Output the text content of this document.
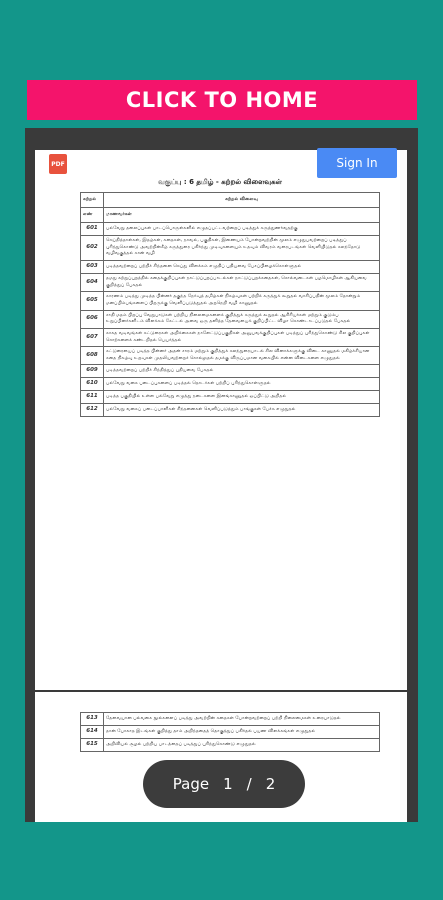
CLICK TO HOME
PDF	Sign In
வகுப்பு : 6 தமிழ் - கற்றல் விளைவுகள்
கற்றல்	கற்றல் விளைவு
எண்	மாணவர்கள்
601	பல்வேறு தலைப்புகள் பாடப்பொருள்களில் எழுதப்பட்டவற்றைப் படித்துக் கருத்துணர்வதற்கு
602	செய்தித்தாள்கள், இதழ்கள், கதைகள், நாவல், பகுதிகள், இணையம் போன்றவற்றின் மூலம் எழுதுபவற்றைப் படித்துப் புரிந்துகொண்டு அவற்றின்கீழ் கருத்துரை பகிர்ந்து முடிவுகளையும் உதவும் விவரம் வரைபடங்கள் வெளியிடுதல் கலந்தோடு வழிவகுத்தல் கான் வழி
603	படித்தவற்றைப் பற்றிச் சிந்தனை செய்து விளக்கம் எழுதிப் புதியவை பேசப்பிழைக்கொள்ளுதல்
604	தமது சுற்றுப்புறத்தில் கதைக்குறிப்புகள் நாட்டுப்புறப்பாடல்கள் நாட்டுப்புறக்கதைகள், சொல்வடைகள் பழமொழிகள் ஆகியவை குறித்துப் பேசுதல்
605	காரணம் படித்து முடித்த பின்னர் தகுந்த நேர்வுத் தமிழ்கள் நிகழ்வுகள் பற்றிக் கருத்துக் கூறுதல் வாசிப்பதின் மூலம் தோன்றும் மனப்பிம்பங்களைப் பிறருக்கு வெளிப்படுத்துதல் அறநெறி வழி காணுதல்
606	சாதி மதம் பிறப்பு வேறுபாடுகள் பற்றிய நிலைமைகளைக் குறித்துக் கருத்துக் கூறுதல் ஆசிரியர்கள் மற்றும் குடும்ப உறுப்பினர்களிடம் விளக்கம் கேட்டல் அவை ஒரு தனித்த தேவையைக் குறிப்பிட்ட விழா கொண்டாடப்படுதல் பேசுதல்
607	காகத வடிவங்கள் கட்டுரைகள் அறிக்கைகள் நாளேட்டுப்பகுதிகள் அனுபவக்குறிப்புகள் படித்துப் புரிந்துகொண்டு சில குறிப்புகள் சொற்களைக் கண்டறிதல் பெயர்த்தல்
608	கட்டுரையைப் படித்த பின்னர் அதன் சாரம் மற்றும் குறித்துக் கலந்துரையாடல் சில வினாக்களுக்கு விடை காணுதல் மகிழ்ச்சியான கதை நிகழ்வு உறவுகள் முதலியவற்றைச் சொல்லுதல் தமக்கு விருப்பமான வகையில் என்ன விடைகளை எழுதுதல்
609	படித்தவற்றைப் பற்றிச் சிந்தித்துப் புதியவை பேசுதல்
610	பல்வேறு வகை படைப்புகளைப் படித்தல் தொடர்கள் பற்றிப் புரிந்துகொள்ளுதல்
611	படித்த பகுதியில் உள்ள பல்வேறு எழுத்து நடைகளை இனங்காணுதல் ஒப்பிட்டு அறிதல்
612	பல்வேறு வகைப் படைப்பாளிகள் சிந்தனைகள் வெளிப்படுத்தும் பாங்குகள் பேச்சு எழுதுதல்
613	தேவையான பல்வகை நூல்களைப் படித்து அவற்றின் கதைகள் போன்றவற்றைப் பற்றி நிலைமைகள் உரையாடுதல்
614	தான் போகாத இடங்கள் குறித்து தாம் அறிந்ததைத் தொகுத்துப் பகிர்தல் பயண விளக்கங்கள் எழுதுதல்
615	அறிவியல் சூழல் பற்றிய பாடத்தைப் படித்துப் புரிந்துகொண்டு எழுதுதல்
Page 1 / 2
